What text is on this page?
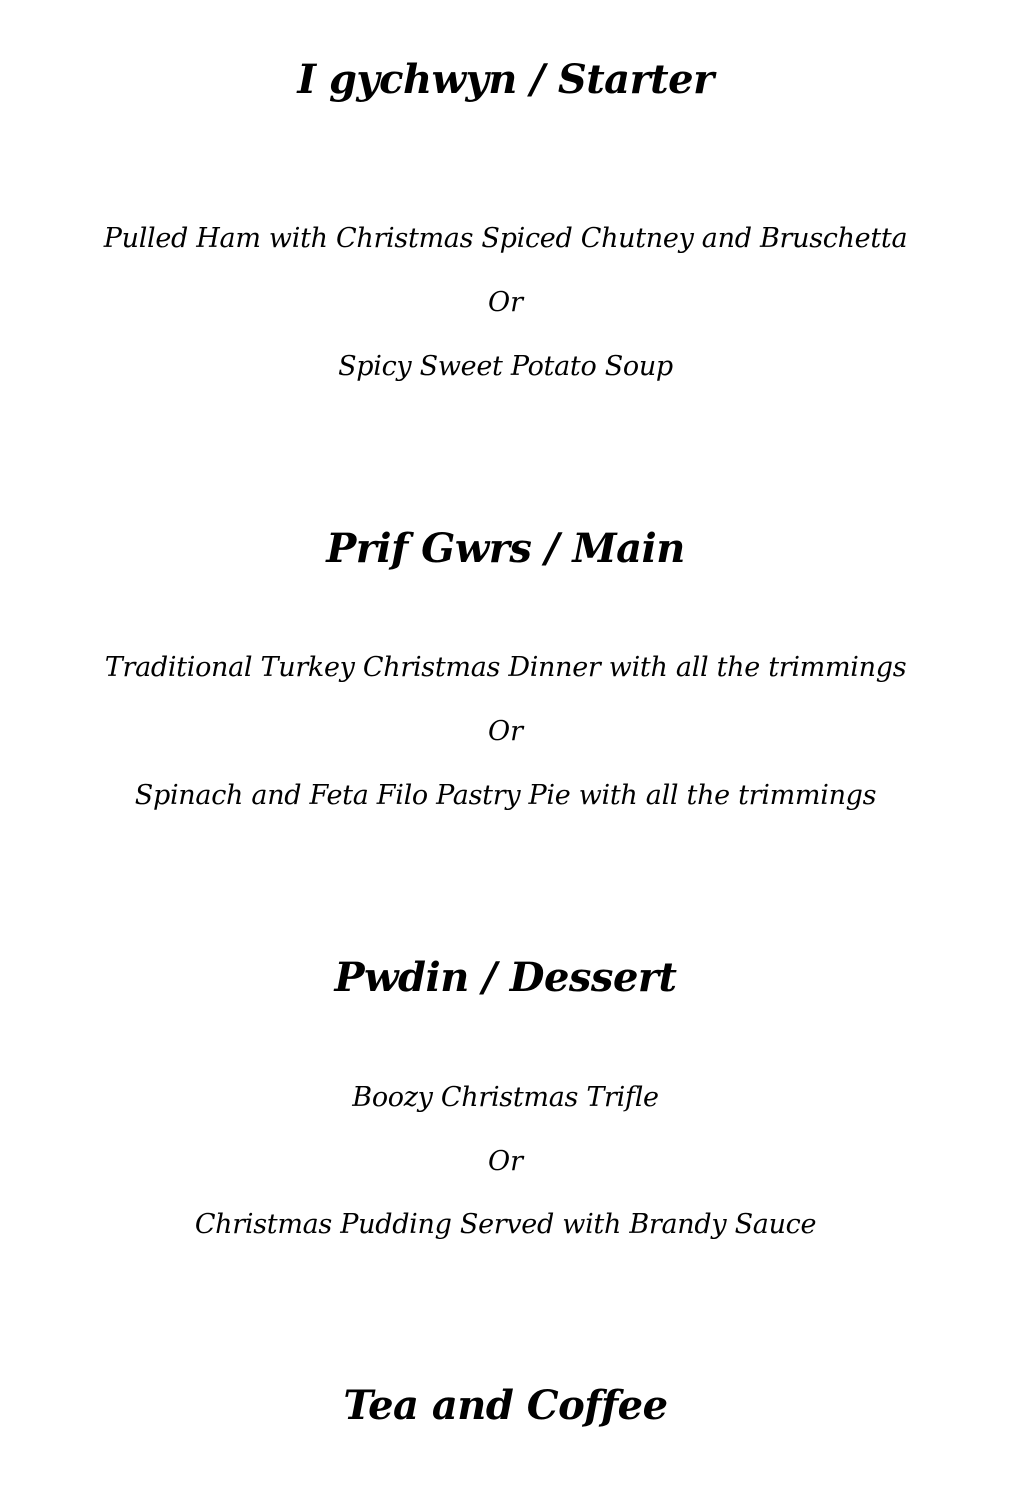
I gychwyn / Starter

Pulled Ham with Christmas Spiced Chutney and Bruschetta

Or

Spicy Sweet Potato Soup

Prif Gwrs / Main

Traditional Turkey Christmas Dinner with all the trimmings

Or

Spinach and Feta Filo Pastry Pie with all the trimmings

Pwdin / Dessert

Boozy Christmas Trifle

Or

Christmas Pudding Served with Brandy Sauce

Tea and Coffee
